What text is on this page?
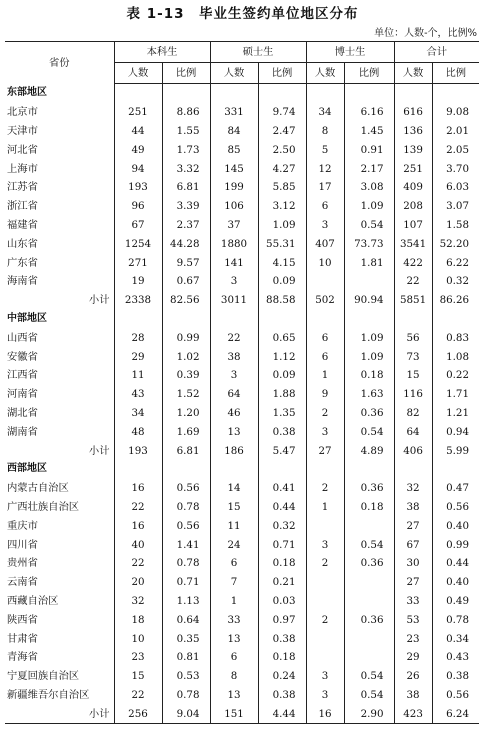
表 1-13　毕业生签约单位地区分布
单位：人数-个，比例%
省份	本科生		硕士生		博士生		合计	
	人数	比例	人数	比例	人数	比例	人数	比例
东部地区								
北京市	251	8.86	331	9.74	34	6.16	616	9.08
天津市	44	1.55	84	2.47	8	1.45	136	2.01
河北省	49	1.73	85	2.50	5	0.91	139	2.05
上海市	94	3.32	145	4.27	12	2.17	251	3.70
江苏省	193	6.81	199	5.85	17	3.08	409	6.03
浙江省	96	3.39	106	3.12	6	1.09	208	3.07
福建省	67	2.37	37	1.09	3	0.54	107	1.58
山东省	1254	44.28	1880	55.31	407	73.73	3541	52.20
广东省	271	9.57	141	4.15	10	1.81	422	6.22
海南省	19	0.67	3	0.09			22	0.32
小计	2338	82.56	3011	88.58	502	90.94	5851	86.26
中部地区								
山西省	28	0.99	22	0.65	6	1.09	56	0.83
安徽省	29	1.02	38	1.12	6	1.09	73	1.08
江西省	11	0.39	3	0.09	1	0.18	15	0.22
河南省	43	1.52	64	1.88	9	1.63	116	1.71
湖北省	34	1.20	46	1.35	2	0.36	82	1.21
湖南省	48	1.69	13	0.38	3	0.54	64	0.94
小计	193	6.81	186	5.47	27	4.89	406	5.99
西部地区								
内蒙古自治区	16	0.56	14	0.41	2	0.36	32	0.47
广西壮族自治区	22	0.78	15	0.44	1	0.18	38	0.56
重庆市	16	0.56	11	0.32			27	0.40
四川省	40	1.41	24	0.71	3	0.54	67	0.99
贵州省	22	0.78	6	0.18	2	0.36	30	0.44
云南省	20	0.71	7	0.21			27	0.40
西藏自治区	32	1.13	1	0.03			33	0.49
陕西省	18	0.64	33	0.97	2	0.36	53	0.78
甘肃省	10	0.35	13	0.38			23	0.34
青海省	23	0.81	6	0.18			29	0.43
宁夏回族自治区	15	0.53	8	0.24	3	0.54	26	0.38
新疆维吾尔自治区	22	0.78	13	0.38	3	0.54	38	0.56
小计	256	9.04	151	4.44	16	2.90	423	6.24
